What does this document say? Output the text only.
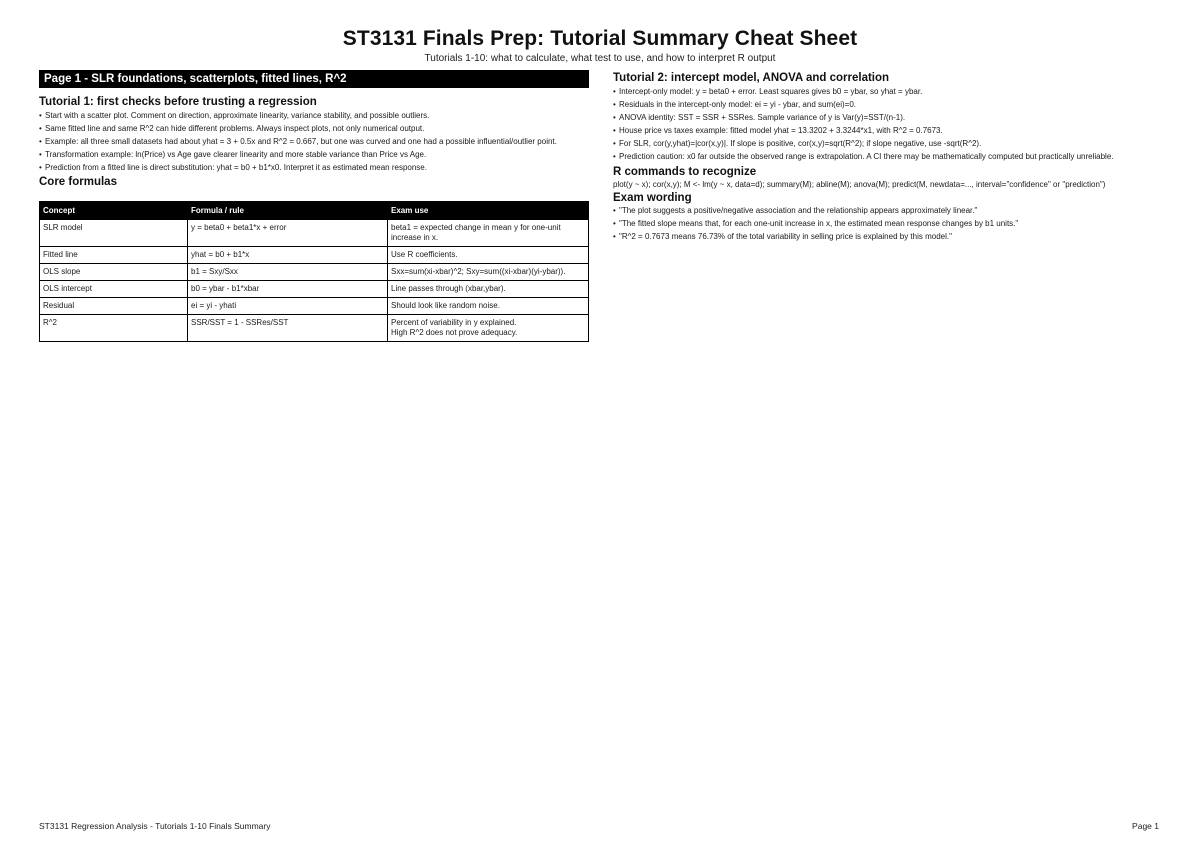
ST3131 Finals Prep: Tutorial Summary Cheat Sheet
Tutorials 1-10: what to calculate, what test to use, and how to interpret R output
Page 1 - SLR foundations, scatterplots, fitted lines, R^2
Tutorial 1: first checks before trusting a regression
• Start with a scatter plot. Comment on direction, approximate linearity, variance stability, and possible outliers.
• Same fitted line and same R^2 can hide different problems. Always inspect plots, not only numerical output.
• Example: all three small datasets had about yhat = 3 + 0.5x and R^2 = 0.667, but one was curved and one had a possible influential/outlier point.
• Transformation example: ln(Price) vs Age gave clearer linearity and more stable variance than Price vs Age.
• Prediction from a fitted line is direct substitution: yhat = b0 + b1*x0. Interpret it as estimated mean response.
Core formulas
Concept	Formula / rule	Exam use
SLR model	y = beta0 + beta1*x + error	beta1 = expected change in mean y for one-unit increase in x.
Fitted line	yhat = b0 + b1*x	Use R coefficients.
OLS slope	b1 = Sxy/Sxx	Sxx=sum(xi-xbar)^2; Sxy=sum((xi-xbar)(yi-ybar)).
OLS intercept	b0 = ybar - b1*xbar	Line passes through (xbar,ybar).
Residual	ei = yi - yhati	Should look like random noise.
R^2	SSR/SST = 1 - SSRes/SST	Percent of variability in y explained.
High R^2 does not prove adequacy.
Tutorial 2: intercept model, ANOVA and correlation
• Intercept-only model: y = beta0 + error. Least squares gives b0 = ybar, so yhat = ybar.
• Residuals in the intercept-only model: ei = yi - ybar, and sum(ei)=0.
• ANOVA identity: SST = SSR + SSRes. Sample variance of y is Var(y)=SST/(n-1).
• House price vs taxes example: fitted model yhat = 13.3202 + 3.3244*x1, with R^2 = 0.7673.
• For SLR, cor(y,yhat)=|cor(x,y)|. If slope is positive, cor(x,y)=sqrt(R^2); if slope negative, use -sqrt(R^2).
• Prediction caution: x0 far outside the observed range is extrapolation. A CI there may be mathematically computed but practically unreliable.
R commands to recognize
plot(y ~ x); cor(x,y); M <- lm(y ~ x, data=d); summary(M); abline(M); anova(M); predict(M, newdata=..., interval="confidence" or "prediction")
Exam wording
• "The plot suggests a positive/negative association and the relationship appears approximately linear."
• "The fitted slope means that, for each one-unit increase in x, the estimated mean response changes by b1 units."
• "R^2 = 0.7673 means 76.73% of the total variability in selling price is explained by this model."
ST3131 Regression Analysis - Tutorials 1-10 Finals Summary	Page 1
